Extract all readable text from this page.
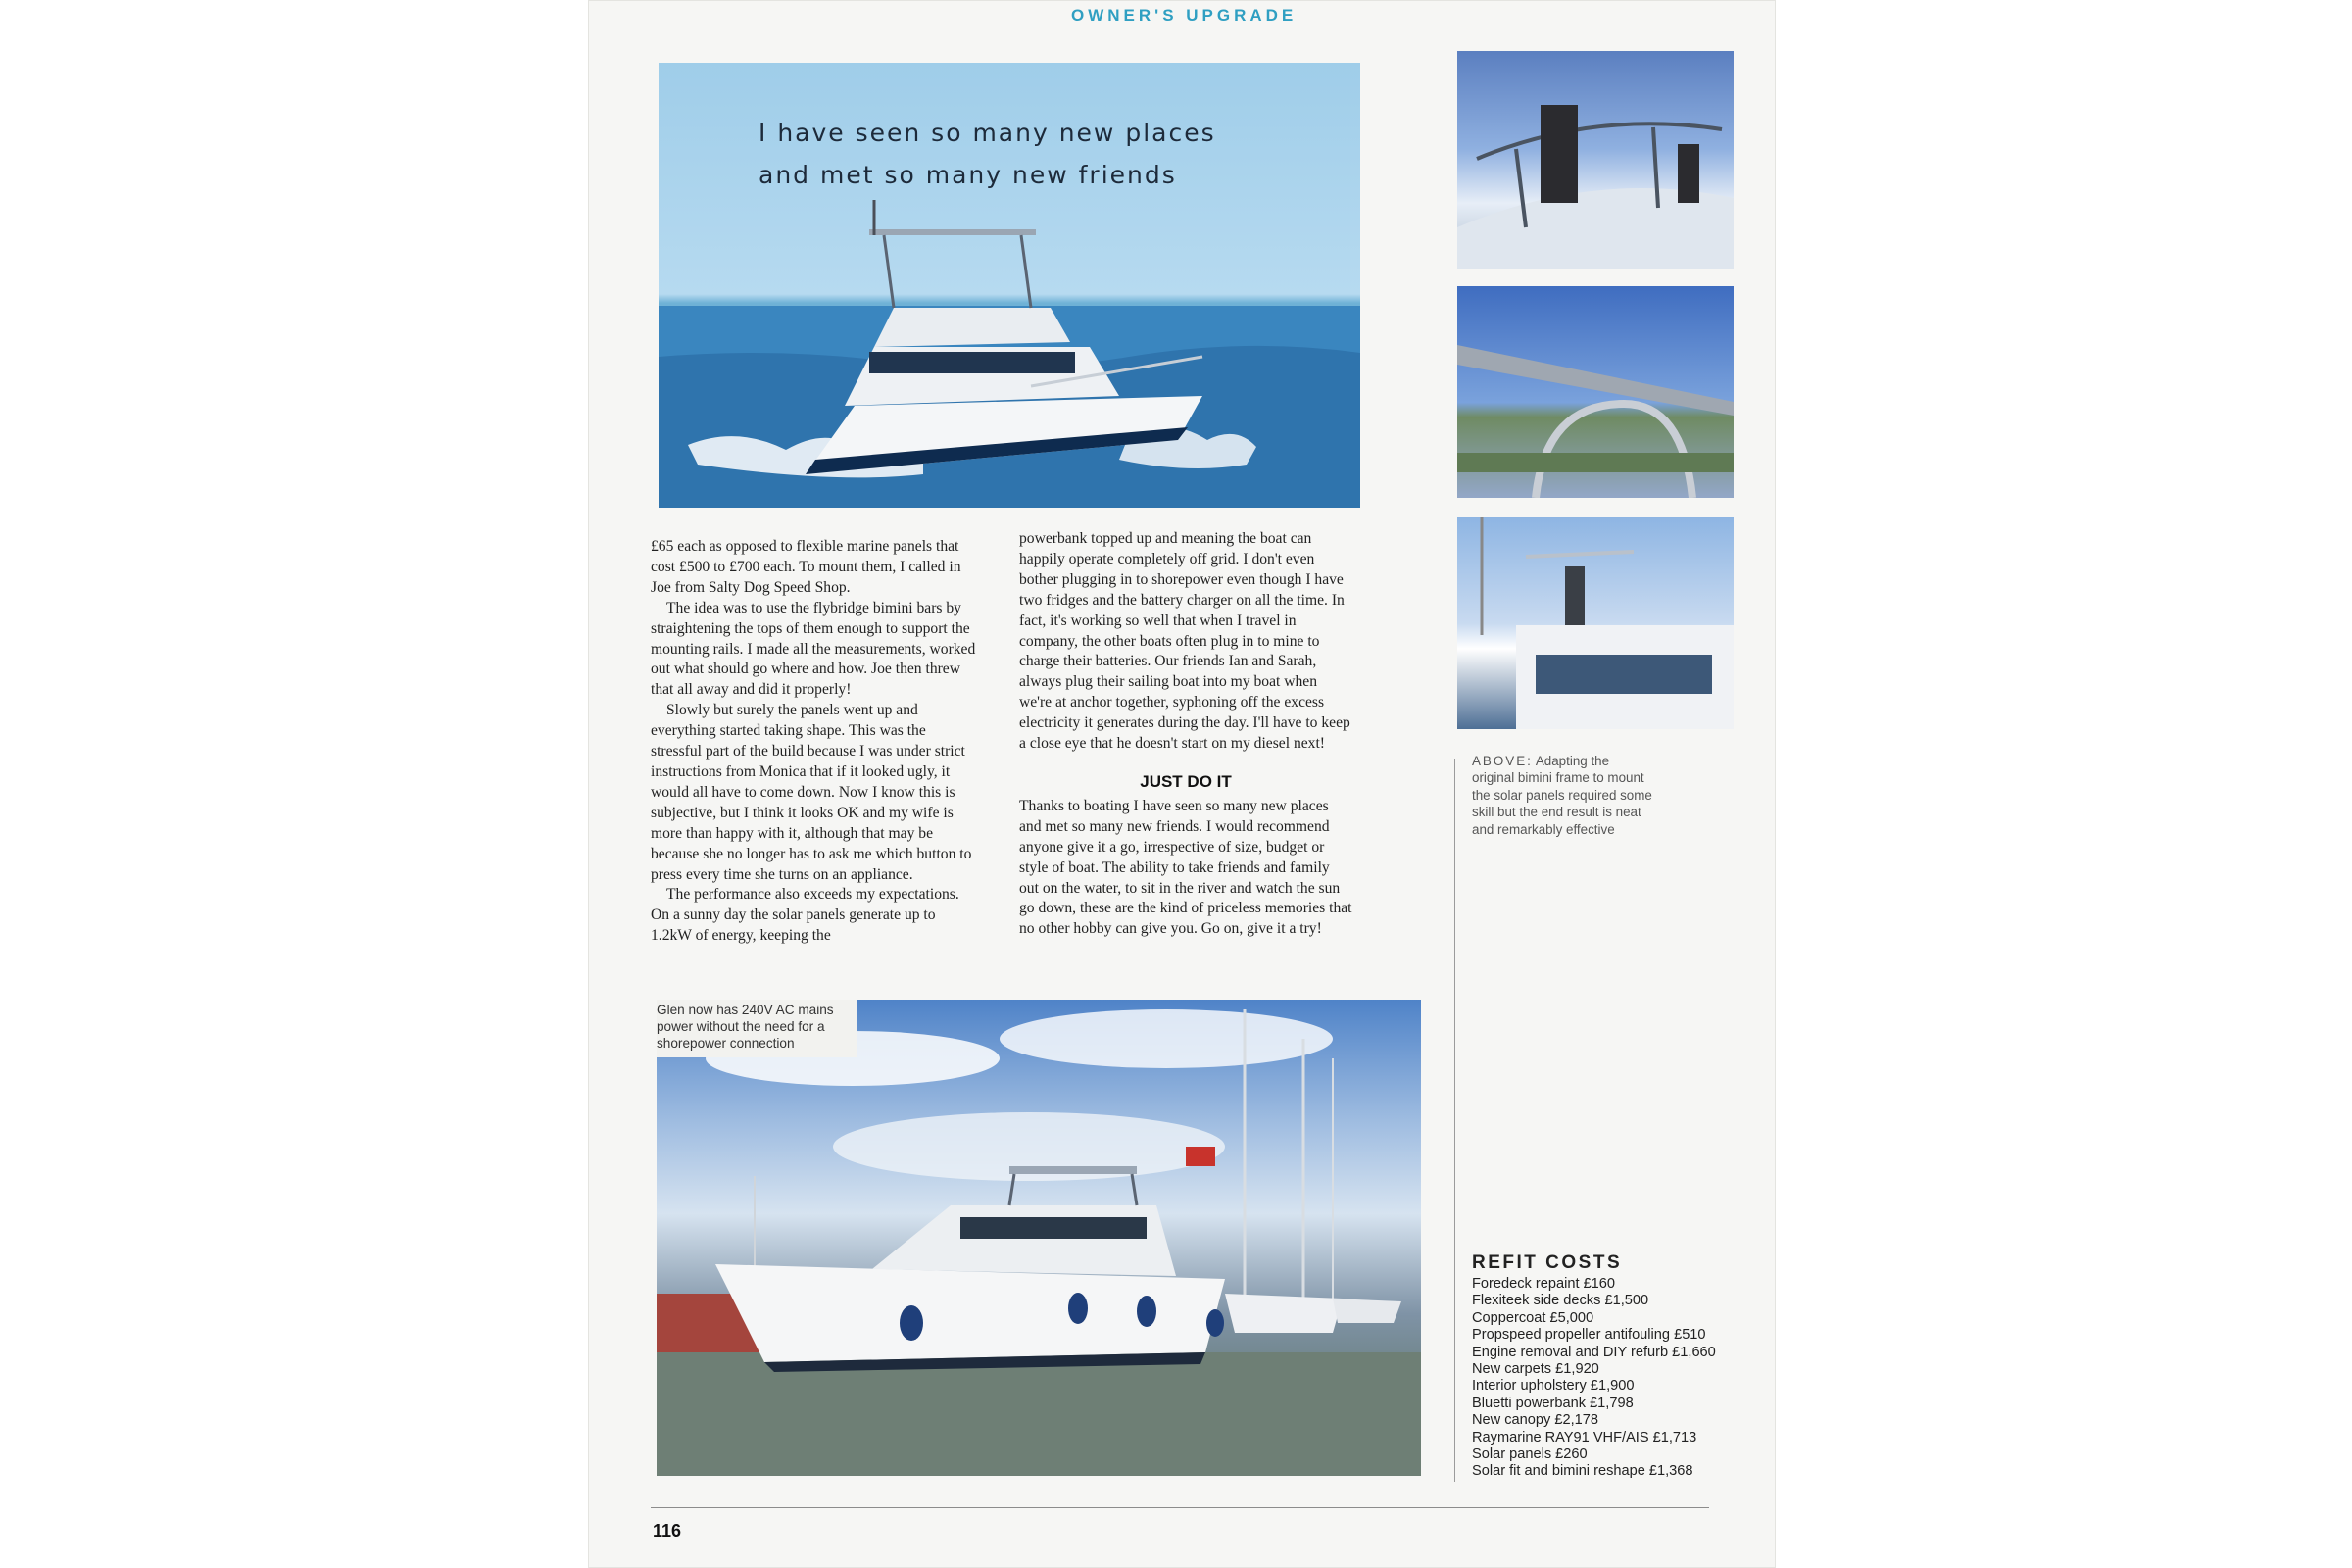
OWNER'S UPGRADE

I have seen so many new places
and met so many new friends

£65 each as opposed to flexible marine panels that cost £500 to £700 each. To mount them, I called in Joe from Salty Dog Speed Shop.

The idea was to use the flybridge bimini bars by straightening the tops of them enough to support the mounting rails. I made all the measurements, worked out what should go where and how. Joe then threw that all away and did it properly!

Slowly but surely the panels went up and everything started taking shape. This was the stressful part of the build because I was under strict instructions from Monica that if it looked ugly, it would all have to come down. Now I know this is subjective, but I think it looks OK and my wife is more than happy with it, although that may be because she no longer has to ask me which button to press every time she turns on an appliance.

The performance also exceeds my expectations. On a sunny day the solar panels generate up to 1.2kW of energy, keeping the

powerbank topped up and meaning the boat can happily operate completely off grid. I don't even bother plugging in to shorepower even though I have two fridges and the battery charger on all the time. In fact, it's working so well that when I travel in company, the other boats often plug in to mine to charge their batteries. Our friends Ian and Sarah, always plug their sailing boat into my boat when we're at anchor together, syphoning off the excess electricity it generates during the day. I'll have to keep a close eye that he doesn't start on my diesel next!

JUST DO IT

Thanks to boating I have seen so many new places and met so many new friends. I would recommend anyone give it a go, irrespective of size, budget or style of boat. The ability to take friends and family out on the water, to sit in the river and watch the sun go down, these are the kind of priceless memories that no other hobby can give you. Go on, give it a try!

ABOVE: Adapting the original bimini frame to mount the solar panels required some skill but the end result is neat and remarkably effective

Glen now has 240V AC mains power without the need for a shorepower connection

REFIT COSTS
Foredeck repaint £160
Flexiteek side decks £1,500
Coppercoat £5,000
Propspeed propeller antifouling £510
Engine removal and DIY refurb £1,660
New carpets £1,920
Interior upholstery £1,900
Bluetti powerbank £1,798
New canopy £2,178
Raymarine RAY91 VHF/AIS £1,713
Solar panels £260
Solar fit and bimini reshape £1,368
116
